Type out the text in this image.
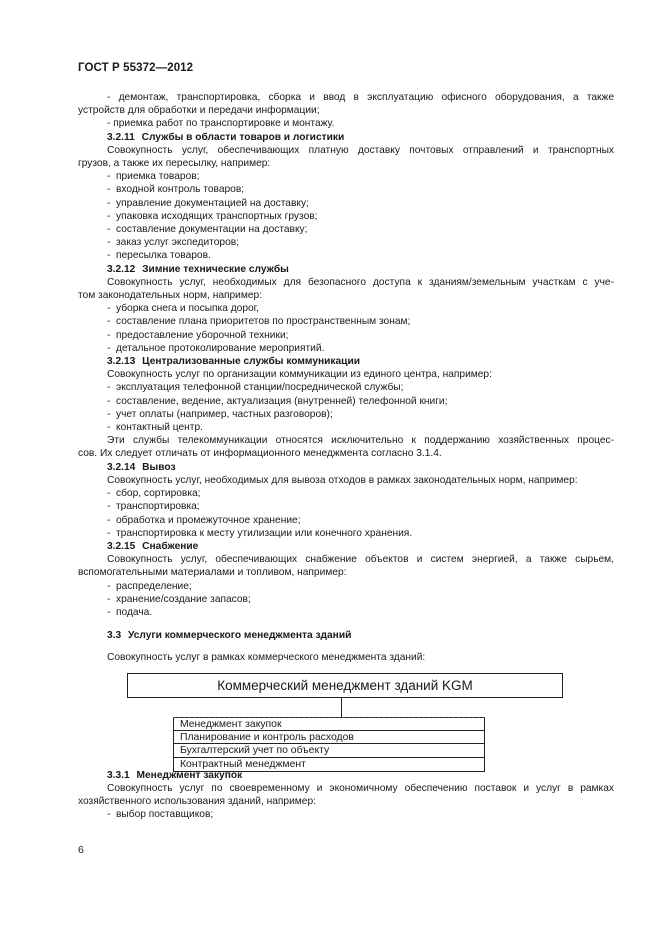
ГОСТ Р 55372—2012
- демонтаж, транспортировка, сборка и ввод в эксплуатацию офисного оборудования, а также
устройств для обработки и передачи информации;
- приемка работ по транспортировке и монтажу.
3.2.11 Службы в области товаров и логистики
Совокупность услуг, обеспечивающих платную доставку почтовых отправлений и транспортных
грузов, а также их пересылку, например:
- приемка товаров;
- входной контроль товаров;
- управление документацией на доставку;
- упаковка исходящих транспортных грузов;
- составление документации на доставку;
- заказ услуг экспедиторов;
- пересылка товаров.
3.2.12 Зимние технические службы
Совокупность услуг, необходимых для безопасного доступа к зданиям/земельным участкам с уче-
том законодательных норм, например:
- уборка снега и посыпка дорог,
- составление плана приоритетов по пространственным зонам;
- предоставление уборочной техники;
- детальное протоколирование мероприятий.
3.2.13 Централизованные службы коммуникации
Совокупность услуг по организации коммуникации из единого центра, например:
- эксплуатация телефонной станции/посреднической службы;
- составление, ведение, актуализация (внутренней) телефонной книги;
- учет оплаты (например, частных разговоров);
- контактный центр.
Эти службы телекоммуникации относятся исключительно к поддержанию хозяйственных процес-
сов. Их следует отличать от информационного менеджмента согласно 3.1.4.
3.2.14 Вывоз
Совокупность услуг, необходимых для вывоза отходов в рамках законодательных норм, например:
- сбор, сортировка;
- транспортировка;
- обработка и промежуточное хранение;
- транспортировка к месту утилизации или конечного хранения.
3.2.15 Снабжение
Совокупность услуг, обеспечивающих снабжение объектов и систем энергией, а также сырьем,
вспомогательными материалами и топливом, например:
- распределение;
- хранение/создание запасов;
- подача.
3.3 Услуги коммерческого менеджмента зданий
Совокупность услуг в рамках коммерческого менеджмента зданий:
Коммерческий менеджмент зданий KGM
Менеджмент закупок
Планирование и контроль расходов
Бухгалтерский учет по объекту
Контрактный менеджмент
3.3.1 Менеджмент закупок
Совокупность услуг по своевременному и экономичному обеспечению поставок и услуг в рамках
хозяйственного использования зданий, например:
- выбор поставщиков;
6
